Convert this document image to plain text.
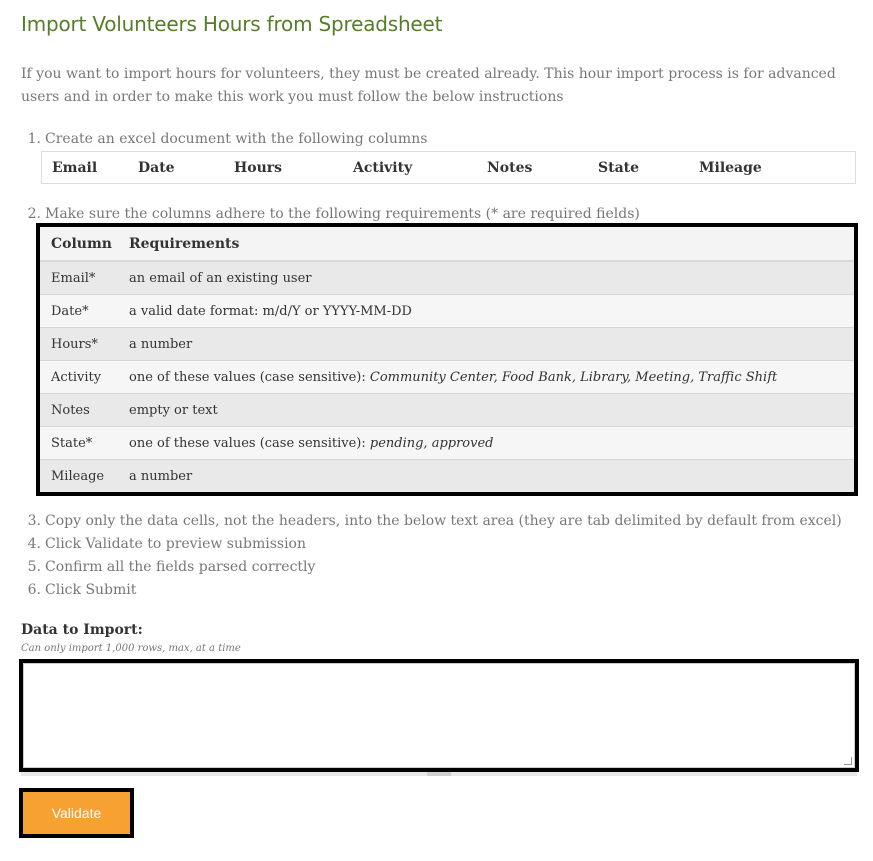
Import Volunteers Hours from Spreadsheet

If you want to import hours for volunteers, they must be created already. This hour import process is for advanced users and in order to make this work you must follow the below instructions

1. Create an excel document with the following columns
Email	Date	Hours	Activity	Notes	State	Mileage
2. Make sure the columns adhere to the following requirements (* are required fields)
Column	Requirements
Email*	an email of an existing user
Date*	a valid date format: m/d/Y or YYYY-MM-DD
Hours*	a number
Activity	one of these values (case sensitive): Community Center, Food Bank, Library, Meeting, Traffic Shift
Notes	empty or text
State*	one of these values (case sensitive): pending, approved
Mileage	a number
3. Copy only the data cells, not the headers, into the below text area (they are tab delimited by default from excel)
4. Click Validate to preview submission
5. Confirm all the fields parsed correctly
6. Click Submit
Data to Import:
Can only import 1,000 rows, max, at a time
Validate
